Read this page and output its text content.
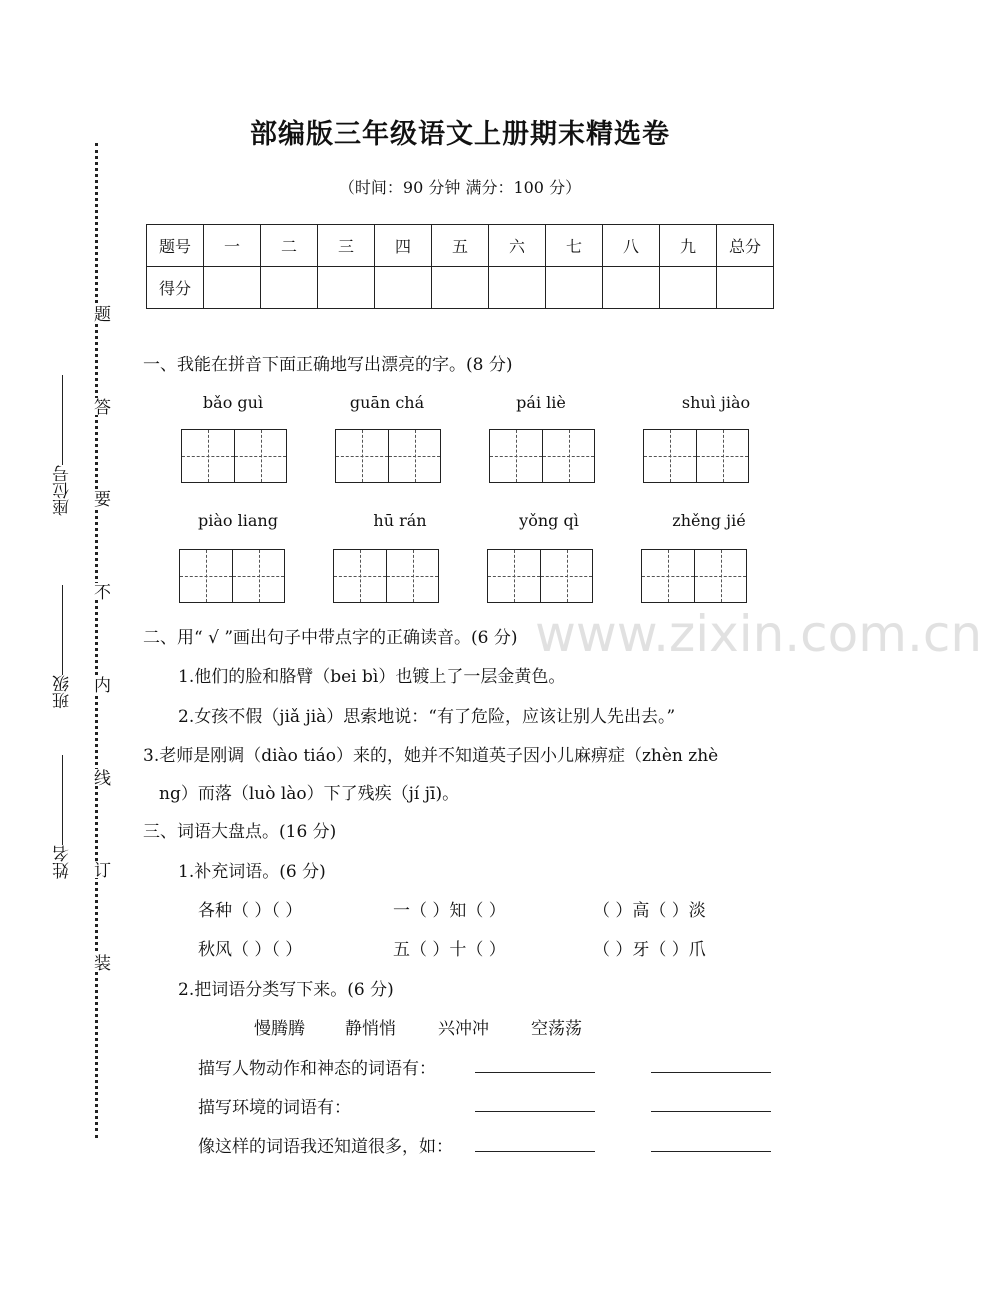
题
答
要
不
内
线
订
装
座位号
班级
姓名
部编版三年级语文上册期末精选卷
（时间：90 分钟 满分：100 分）
题号	一	二	三	四	五	六	七	八	九	总分
得分										
一、我能在拼音下面正确地写出漂亮的字。(8 分)
bǎo guì	guān chá	pái liè	shuì jiào
piào liang	hū rán	yǒng qì	zhěng jié
www.zixin.com.cn
二、用“ √ ”画出句子中带点字的正确读音。(6 分)
1.他们的脸和胳臂（bei bì）也镀上了一层金黄色。
2.女孩不假（jiǎ jià）思索地说：“有了危险，应该让别人先出去。”
3.老师是刚调（diào tiáo）来的，她并不知道英子因小儿麻痹症（zhèn zhè
ng）而落（luò lào）下了残疾（jí jī)。
三、词语大盘点。(16 分)
1.补充词语。(6 分)
各种（ ）（ ）	一（ ）知（ ）	（ ）高（ ）淡
秋风（ ）（ ）	五（ ）十（ ）	（ ）牙（ ）爪
2.把词语分类写下来。(6 分)
慢腾腾 静悄悄 兴冲冲 空荡荡
描写人物动作和神态的词语有：
描写环境的词语有：
像这样的词语我还知道很多，如：
